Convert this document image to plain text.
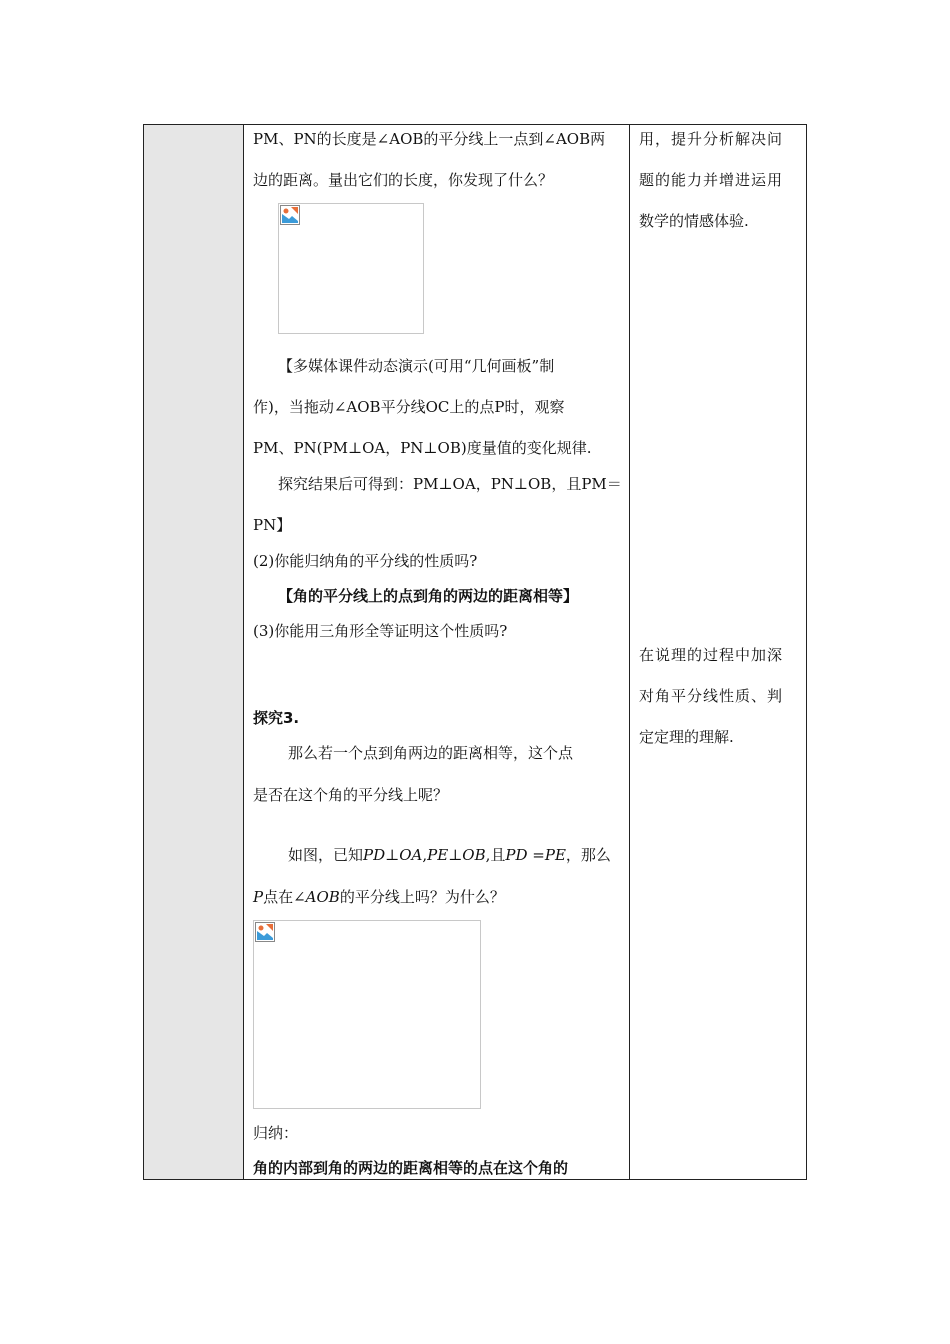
PM、PN的长度是∠AOB的平分线上一点到∠AOB两
边的距离。量出它们的长度，你发现了什么？
【多媒体课件动态演示(可用“几何画板”制
作)，当拖动∠AOB平分线OC上的点P时，观察
PM、PN(PM⊥OA，PN⊥OB)度量值的变化规律.
探究结果后可得到：PM⊥OA，PN⊥OB，且PM＝
PN】
(2)你能归纳角的平分线的性质吗?
【角的平分线上的点到角的两边的距离相等】
(3)你能用三角形全等证明这个性质吗?
探究3.
那么若一个点到角两边的距离相等，这个点
是否在这个角的平分线上呢？
如图，已知PD⊥OA,PE⊥OB,且PD =PE，那么
P点在∠AOB的平分线上吗？为什么？
归纳：
角的内部到角的两边的距离相等的点在这个角的
用，提升分析解决问
题的能力并增进运用
数学的情感体验.
在说理的过程中加深
对角平分线性质、判
定定理的理解.
